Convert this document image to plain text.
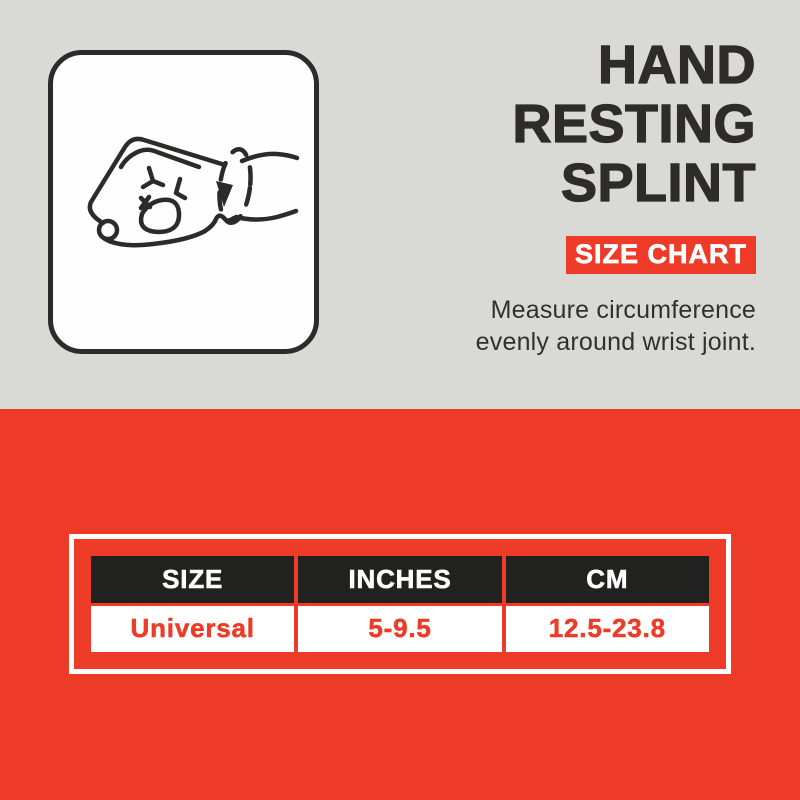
HAND
RESTING
SPLINT
SIZE CHART
Measure circumference
evenly around wrist joint.
SIZE	INCHES	CM
Universal	5-9.5	12.5-23.8
